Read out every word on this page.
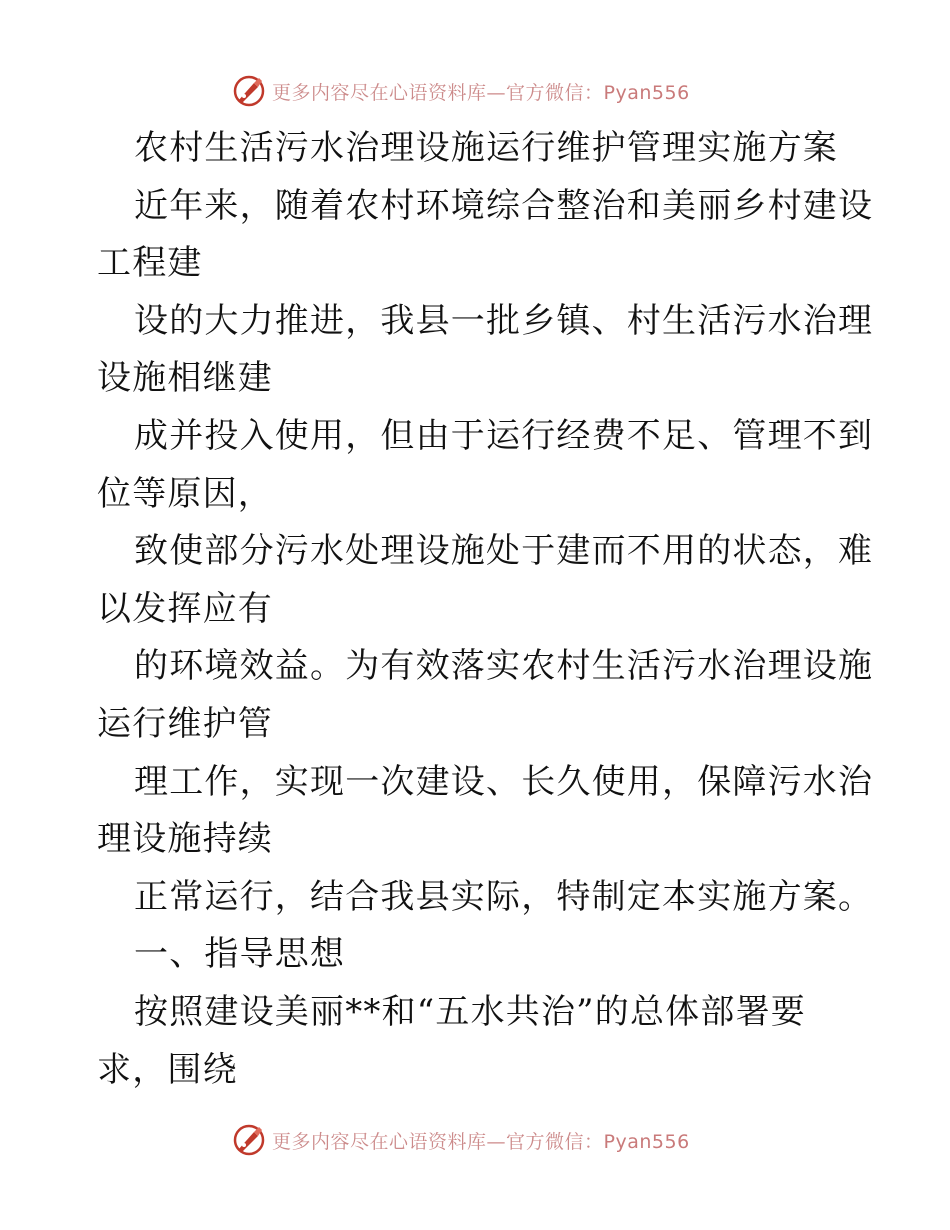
更多内容尽在心语资料库—官方微信：Pyan556
农村生活污水治理设施运行维护管理实施方案
近年来，随着农村环境综合整治和美丽乡村建设
工程建
设的大力推进，我县一批乡镇、村生活污水治理
设施相继建
成并投入使用，但由于运行经费不足、管理不到
位等原因，
致使部分污水处理设施处于建而不用的状态，难
以发挥应有
的环境效益。为有效落实农村生活污水治理设施
运行维护管
理工作，实现一次建设、长久使用，保障污水治
理设施持续
正常运行，结合我县实际，特制定本实施方案。
一、指导思想
按照建设美丽**和“五水共治”的总体部署要
求，围绕
更多内容尽在心语资料库—官方微信：Pyan556
